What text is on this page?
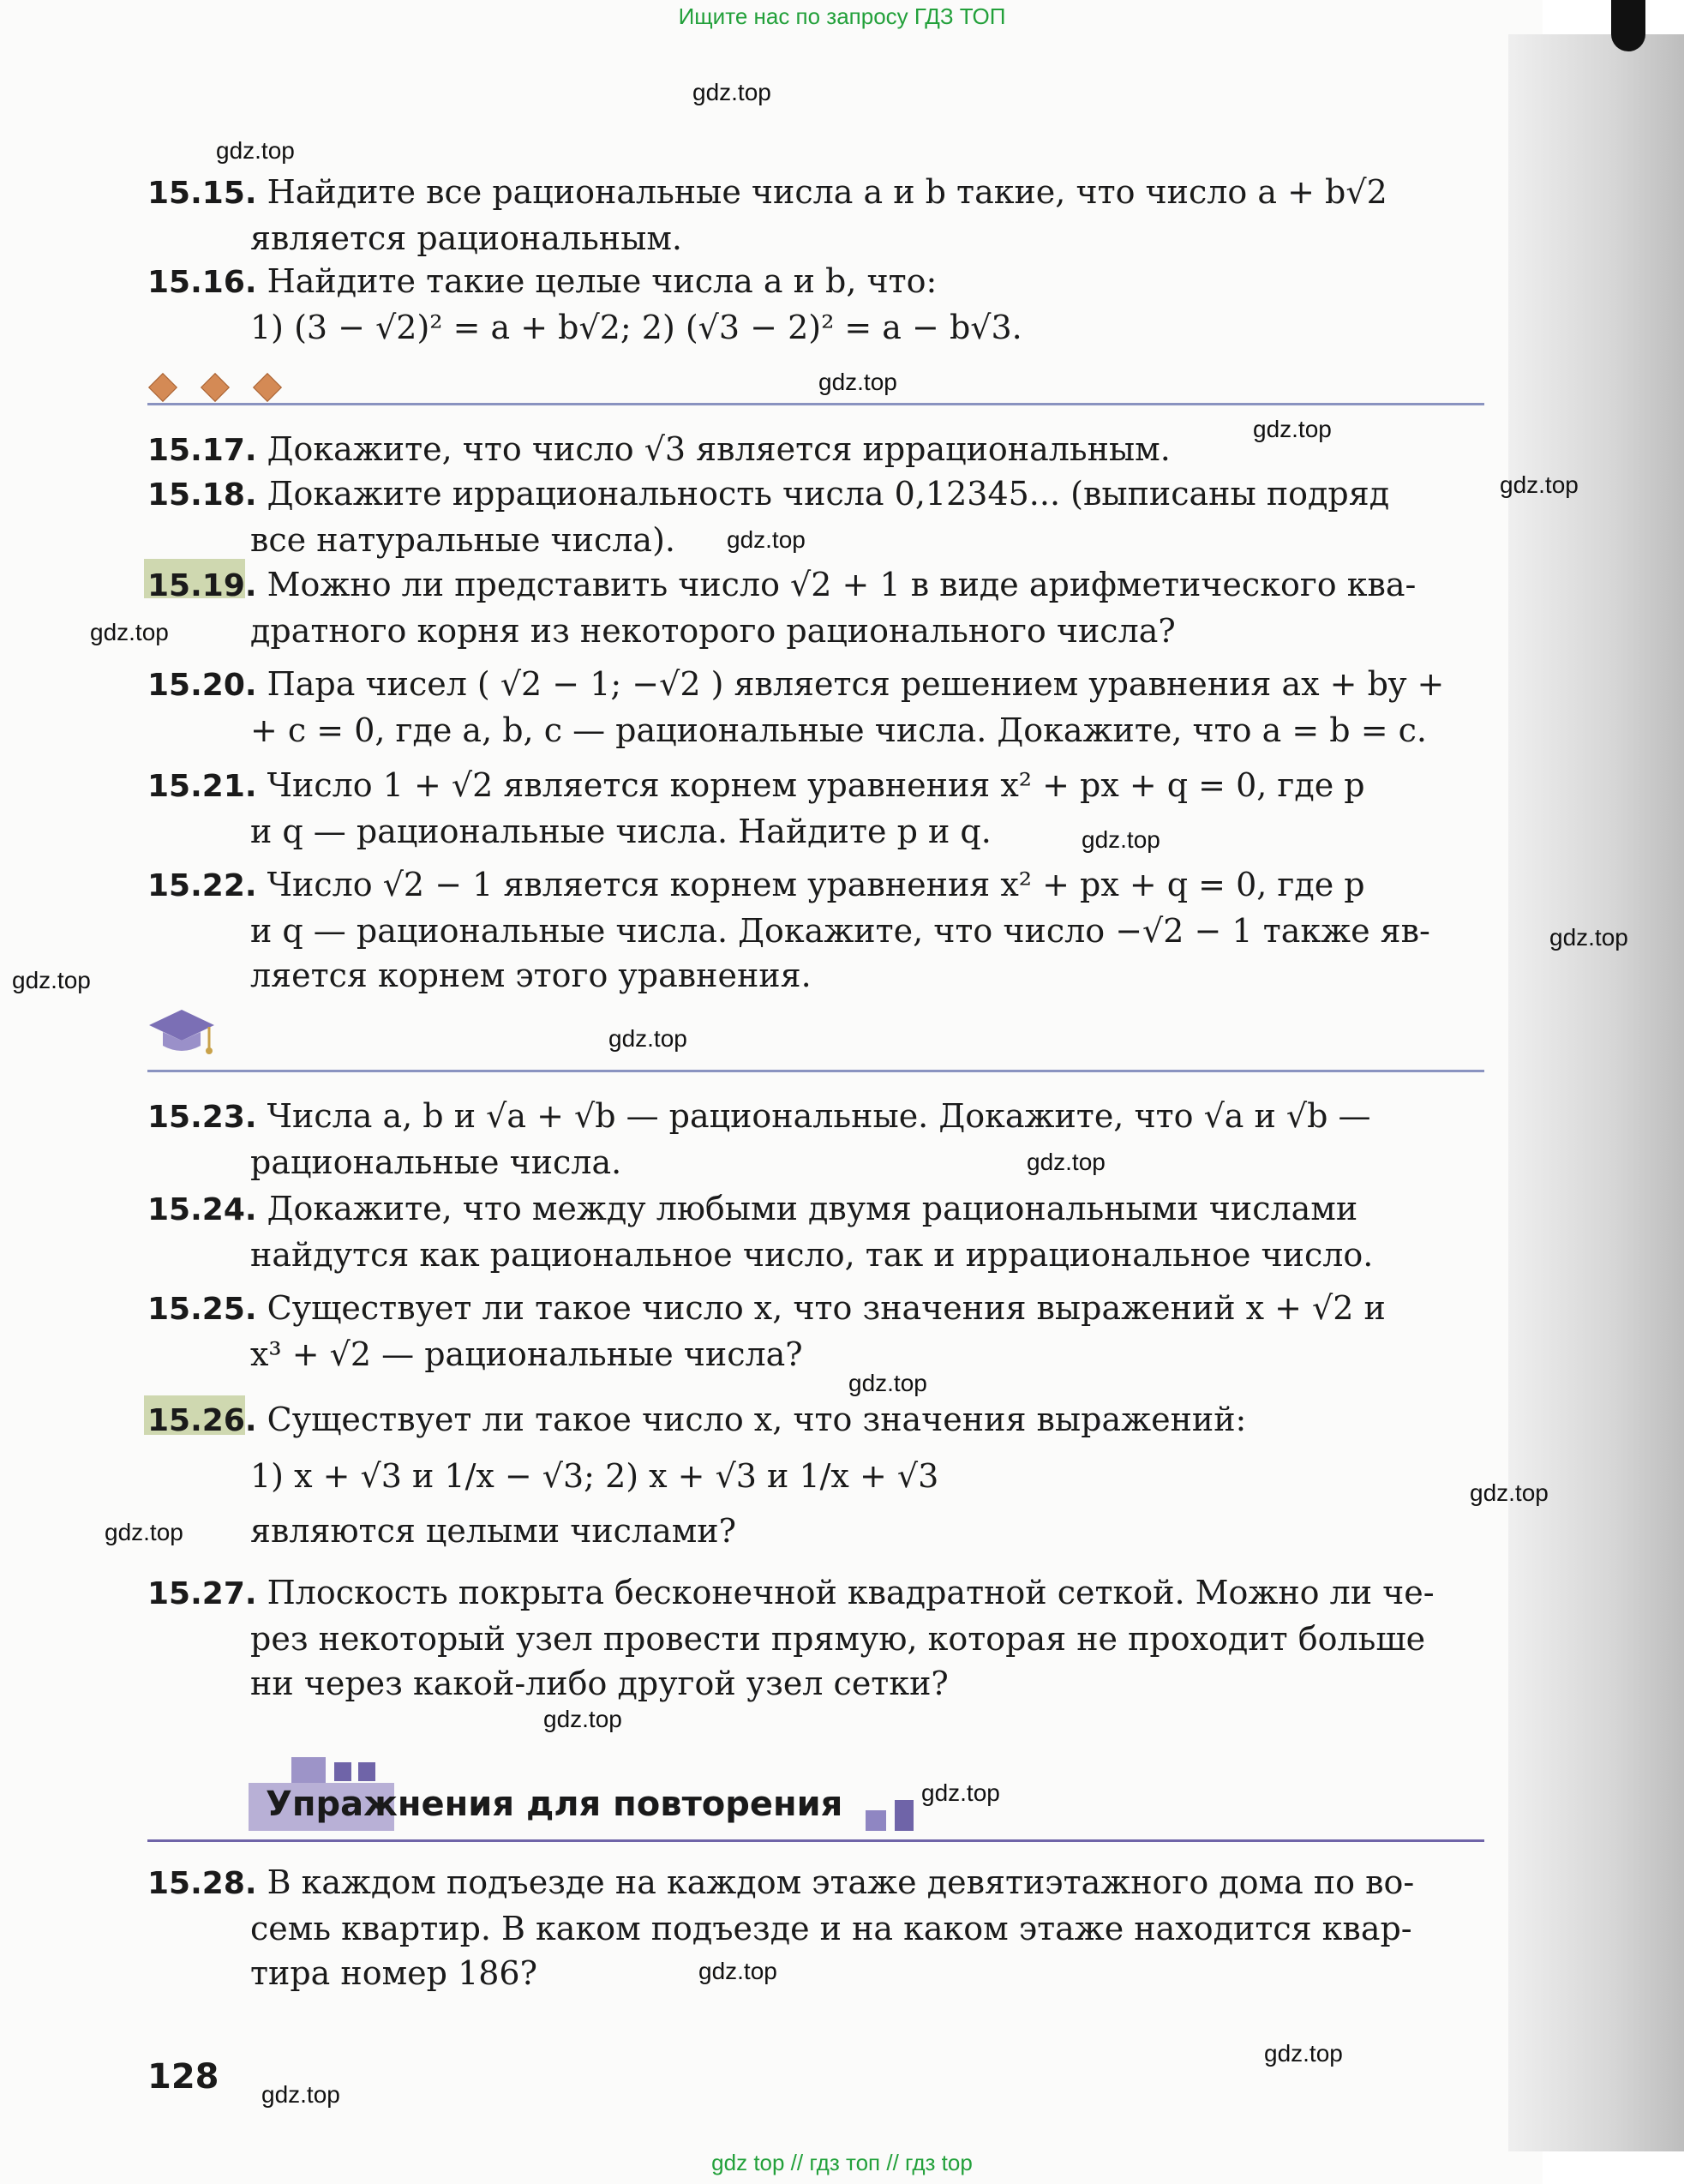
Ищите нас по запросу ГДЗ ТОП
gdz.top
gdz.top
gdz.top
gdz.top
gdz.top
gdz.top
gdz.top
gdz.top
gdz.top
gdz.top
gdz.top
gdz.top
gdz.top
gdz.top
gdz.top
gdz.top
gdz.top
gdz.top
gdz.top
gdz.top

15.15. Найдите все рациональные числа a и b такие, что число a + b√2
является рациональным.
15.16. Найдите такие целые числа a и b, что:
1) (3 − √2)² = a + b√2; 2) (√3 − 2)² = a − b√3.
15.17. Докажите, что число √3 является иррациональным.
15.18. Докажите иррациональность числа 0,12345... (выписаны подряд
все натуральные числа).
15.19. Можно ли представить число √2 + 1 в виде арифметического ква-
дратного корня из некоторого рационального числа?
15.20. Пара чисел ( √2 − 1; −√2 ) является решением уравнения ax + by +
+ c = 0, где a, b, c — рациональные числа. Докажите, что a = b = c.
15.21. Число 1 + √2 является корнем уравнения x² + px + q = 0, где p
и q — рациональные числа. Найдите p и q.
15.22. Число √2 − 1 является корнем уравнения x² + px + q = 0, где p
и q — рациональные числа. Докажите, что число −√2 − 1 также яв-
ляется корнем этого уравнения.
15.23. Числа a, b и √a + √b — рациональные. Докажите, что √a и √b —
рациональные числа.
15.24. Докажите, что между любыми двумя рациональными числами
найдутся как рациональное число, так и иррациональное число.
15.25. Существует ли такое число x, что значения выражений x + √2 и
x³ + √2 — рациональные числа?
15.26. Существует ли такое число x, что значения выражений:
1) x + √3 и 1/x − √3; 2) x + √3 и 1/x + √3
являются целыми числами?
15.27. Плоскость покрыта бесконечной квадратной сеткой. Можно ли че-
рез некоторый узел провести прямую, которая не проходит больше
ни через какой-либо другой узел сетки?
Упражнения для повторения
15.28. В каждом подъезде на каждом этаже девятиэтажного дома по во-
семь квартир. В каком подъезде и на каком этаже находится квар-
тира номер 186?
128
gdz top // гдз топ // гдз top
